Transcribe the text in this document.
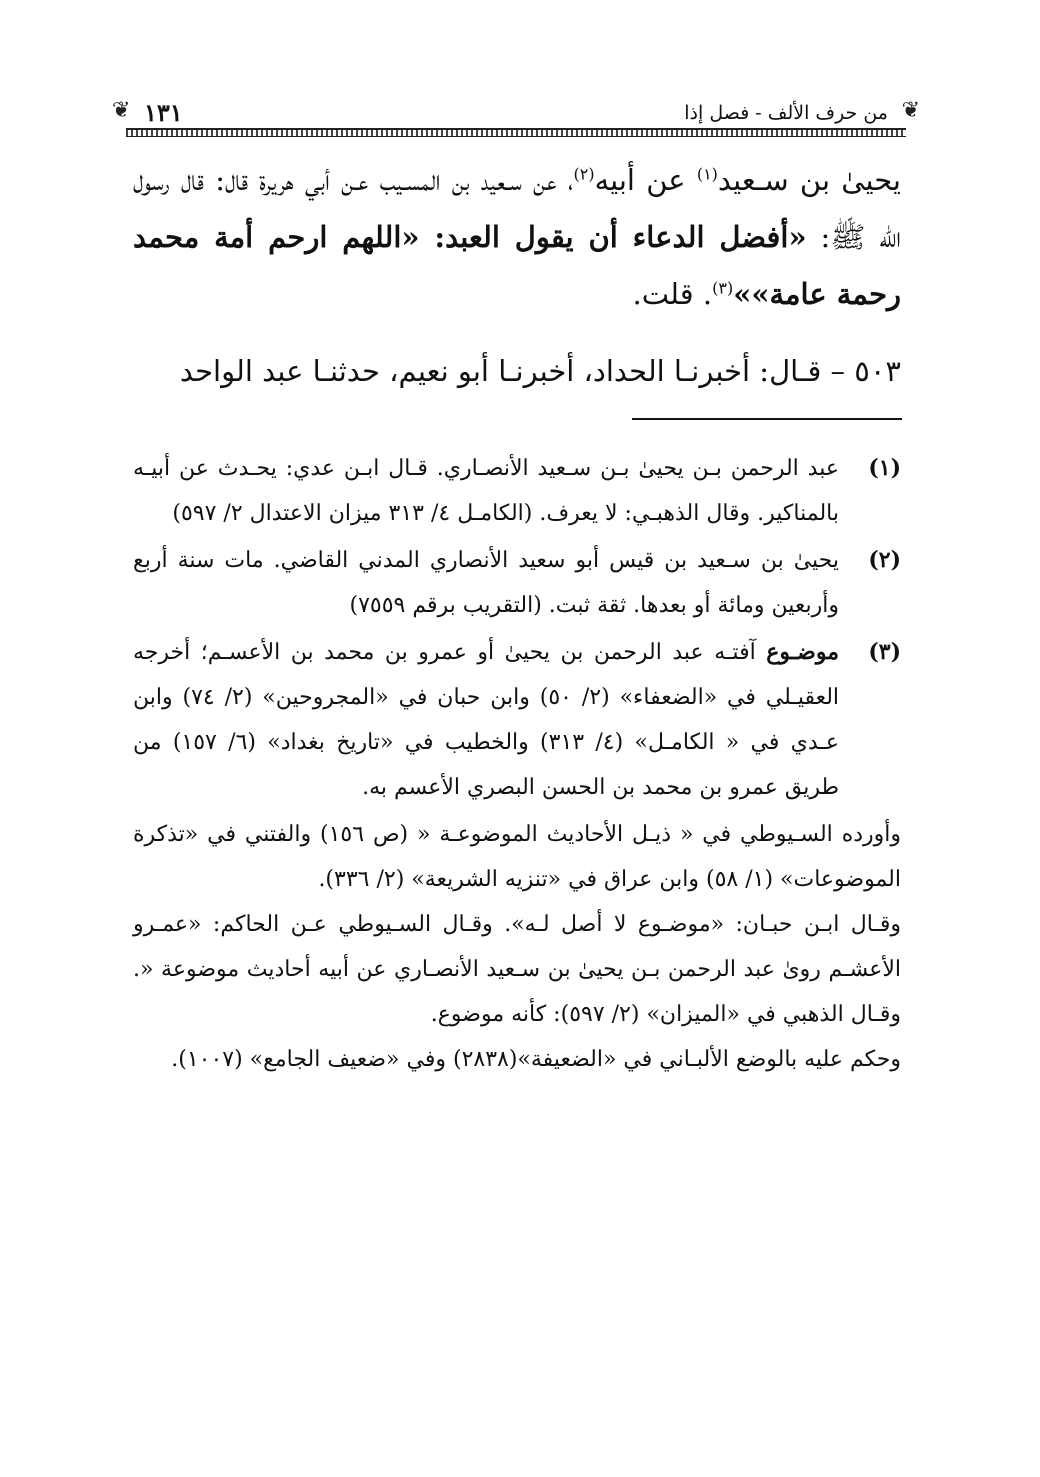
❦
من حرف الألف - فصل إذا
١٣١
❦

يحيىٰ بن سـعيد$^{(١)}$ عن أبيه$^{(٢)}$، عن سـعيد بن المسـيب عـن أبي هريرة قال: قال رسول الله ﷺ: «أفضل الدعاء أن يقول العبد: «اللهم ارحم أمة محمد رحمة عامة»»$^{(٣)}$. قلت.

٥٠٣ – قـال: أخبرنـا الحداد، أخبرنـا أبو نعيم، حدثنـا عبد الواحد

(١)
عبد الرحمن بـن يحيىٰ بـن سـعيد الأنصـاري. قـال ابـن عدي: يحـدث عن أبيـه بالمناكير. وقال الذهبـي: لا يعرف. (الكامـل ٤/ ٣١٣ ميزان الاعتدال ٢/ ٥٩٧)
(٢)
يحيىٰ بن سـعيد بن قيس أبو سعيد الأنصاري المدني القاضي. مات سنة أربع وأربعين ومائة أو بعدها. ثقة ثبت. (التقريب برقم ٧٥٥٩)
(٣)
موضـوع آفتـه عبد الرحمن بن يحيىٰ أو عمرو بن محمد بن الأعسـم؛ أخرجه العقيـلي في «الضعفاء» (٢/ ٥٠) وابن حبان في «المجروحين» (٢/ ٧٤) وابن عـدي في « الكامـل» (٤/ ٣١٣) والخطيب في «تاريخ بغداد» (٦/ ١٥٧) من طريق عمرو بن محمد بن الحسن البصري الأعسم به.
وأورده السـيوطي في « ذيـل الأحاديث الموضوعـة « (ص ١٥٦) والفتني في «تذكرة الموضوعات» (١/ ٥٨) وابن عراق في «تنزيه الشريعة» (٢/ ٣٣٦).
وقـال ابـن حبـان: «موضـوع لا أصل لـه». وقـال السـيوطي عـن الحاكم: «عمـرو الأعشـم روىٰ عبد الرحمن بـن يحيىٰ بن سـعيد الأنصـاري عن أبيه أحاديث موضوعة «. وقـال الذهبي في «الميزان» (٢/ ٥٩٧): كأنه موضوع.
وحكم عليه بالوضع الألبـاني في «الضعيفة»(٢٨٣٨) وفي «ضعيف الجامع» (١٠٠٧).
